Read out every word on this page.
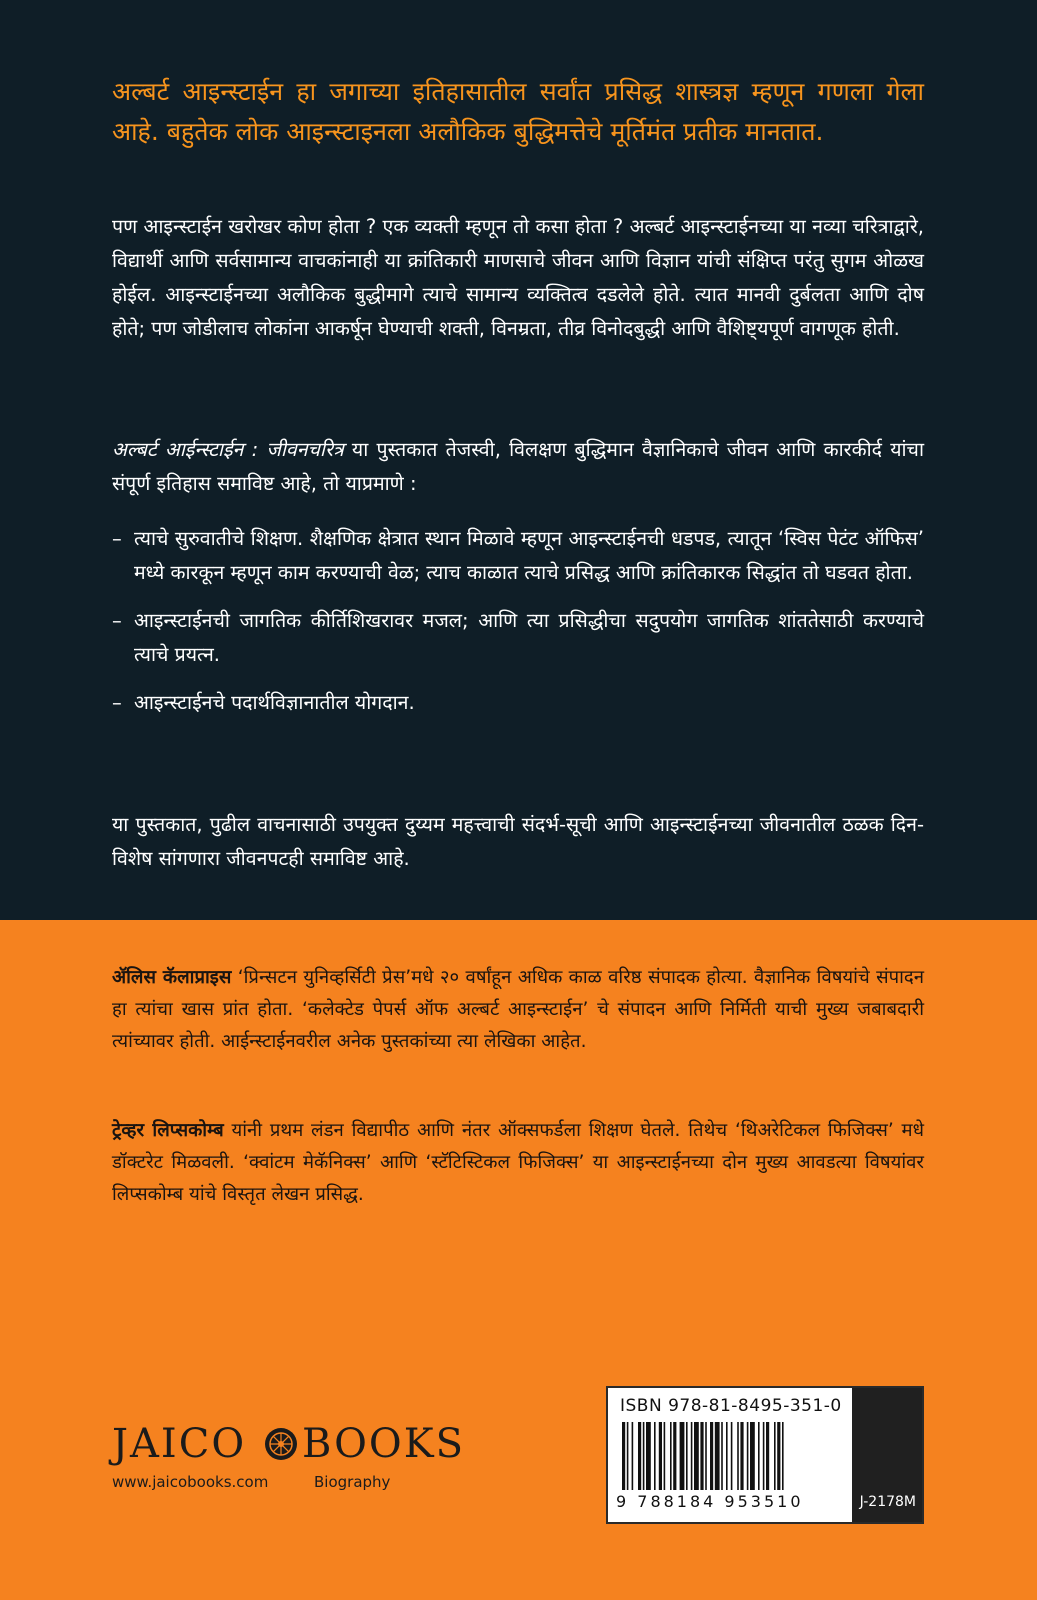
अल्बर्ट आइन्स्टाईन हा जगाच्या इतिहासातील सर्वांत प्रसिद्ध शास्त्रज्ञ म्हणून गणला गेला आहे. बहुतेक लोक आइन्स्टाइनला अलौकिक बुद्धिमत्तेचे मूर्तिमंत प्रतीक मानतात.
पण आइन्स्टाईन खरोखर कोण होता ? एक व्यक्ती म्हणून तो कसा होता ? अल्बर्ट आइन्स्टाईनच्या या नव्या चरित्राद्वारे, विद्यार्थी आणि सर्वसामान्य वाचकांनाही या क्रांतिकारी माणसाचे जीवन आणि विज्ञान यांची संक्षिप्त परंतु सुगम ओळख होईल. आइन्स्टाईनच्या अलौकिक बुद्धीमागे त्याचे सामान्य व्यक्तित्व दडलेले होते. त्यात मानवी दुर्बलता आणि दोष होते; पण जोडीलाच लोकांना आकर्षून घेण्याची शक्ती, विनम्रता, तीव्र विनोदबुद्धी आणि वैशिष्ट्यपूर्ण वागणूक होती.
अल्बर्ट आईन्स्टाईन : जीवनचरित्र या पुस्तकात तेजस्वी, विलक्षण बुद्धिमान वैज्ञानिकाचे जीवन आणि कारकीर्द यांचा संपूर्ण इतिहास समाविष्ट आहे, तो याप्रमाणे :
– त्याचे सुरुवातीचे शिक्षण. शैक्षणिक क्षेत्रात स्थान मिळावे म्हणून आइन्स्टाईनची धडपड, त्यातून ‘स्विस पेटंट ऑफिस’ मध्ये कारकून म्हणून काम करण्याची वेळ; त्याच काळात त्याचे प्रसिद्ध आणि क्रांतिकारक सिद्धांत तो घडवत होता.
– आइन्स्टाईनची जागतिक कीर्तिशिखरावर मजल; आणि त्या प्रसिद्धीचा सदुपयोग जागतिक शांततेसाठी करण्याचे त्याचे प्रयत्न.
– आइन्स्टाईनचे पदार्थविज्ञानातील योगदान.
या पुस्तकात, पुढील वाचनासाठी उपयुक्त दुय्यम महत्त्वाची संदर्भ-सूची आणि आइन्स्टाईनच्या जीवनातील ठळक दिन-विशेष सांगणारा जीवनपटही समाविष्ट आहे.
ॲलिस कॅलाप्राइस ‘प्रिन्सटन युनिव्हर्सिटी प्रेस’मधे २० वर्षांहून अधिक काळ वरिष्ठ संपादक होत्या. वैज्ञानिक विषयांचे संपादन हा त्यांचा खास प्रांत होता. ‘कलेक्टेड पेपर्स ऑफ अल्बर्ट आइन्स्टाईन’ चे संपादन आणि निर्मिती याची मुख्य जबाबदारी त्यांच्यावर होती. आईन्स्टाईनवरील अनेक पुस्तकांच्या त्या लेखिका आहेत.
ट्रेव्हर लिप्सकोम्ब यांनी प्रथम लंडन विद्यापीठ आणि नंतर ऑक्सफर्डला शिक्षण घेतले. तिथेच ‘थिअरेटिकल फिजिक्स’ मधे डॉक्टरेट मिळवली. ‘क्वांटम मेकॅनिक्स’ आणि ‘स्टॅटिस्टिकल फिजिक्स’ या आइन्स्टाईनच्या दोन मुख्य आवडत्या विषयांवर लिप्सकोम्ब यांचे विस्तृत लेखन प्रसिद्ध.
JAICO BOOKS
www.jaicobooks.com	Biography
ISBN 978-81-8495-351-0
9 788184 953510	J-2178M
